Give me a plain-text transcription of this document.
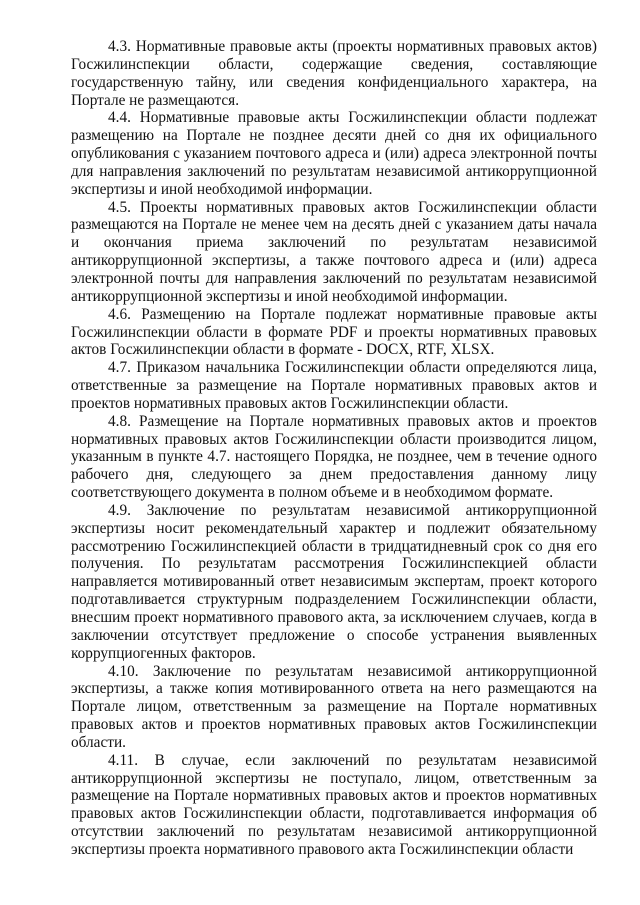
4.3. Нормативные правовые акты (проекты нормативных правовых актов) Госжилинспекции области, содержащие сведения, составляющие государственную тайну, или сведения конфиденциального характера, на Портале не размещаются.

4.4. Нормативные правовые акты Госжилинспекции области подлежат размещению на Портале не позднее десяти дней со дня их официального опубликования с указанием почтового адреса и (или) адреса электронной почты для направления заключений по результатам независимой антикоррупционной экспертизы и иной необходимой информации.

4.5. Проекты нормативных правовых актов Госжилинспекции области размещаются на Портале не менее чем на десять дней с указанием даты начала и окончания приема заключений по результатам независимой антикоррупционной экспертизы, а также почтового адреса и (или) адреса электронной почты для направления заключений по результатам независимой антикоррупционной экспертизы и иной необходимой информации.

4.6. Размещению на Портале подлежат нормативные правовые акты Госжилинспекции области в формате PDF и проекты нормативных правовых актов Госжилинспекции области в формате - DOCX, RTF, XLSX.

4.7. Приказом начальника Госжилинспекции области определяются лица, ответственные за размещение на Портале нормативных правовых актов и проектов нормативных правовых актов Госжилинспекции области.

4.8. Размещение на Портале нормативных правовых актов и проектов нормативных правовых актов Госжилинспекции области производится лицом, указанным в пункте 4.7. настоящего Порядка, не позднее, чем в течение одного рабочего дня, следующего за днем предоставления данному лицу соответствующего документа в полном объеме и в необходимом формате.

4.9. Заключение по результатам независимой антикоррупционной экспертизы носит рекомендательный характер и подлежит обязательному рассмотрению Госжилинспекцией области в тридцатидневный срок со дня его получения. По результатам рассмотрения Госжилинспекцией области направляется мотивированный ответ независимым экспертам, проект которого подготавливается структурным подразделением Госжилинспекции области, внесшим проект нормативного правового акта, за исключением случаев, когда в заключении отсутствует предложение о способе устранения выявленных коррупциогенных факторов.

4.10. Заключение по результатам независимой антикоррупционной экспертизы, а также копия мотивированного ответа на него размещаются на Портале лицом, ответственным за размещение на Портале нормативных правовых актов и проектов нормативных правовых актов Госжилинспекции области.

4.11. В случае, если заключений по результатам независимой антикоррупционной экспертизы не поступало, лицом, ответственным за размещение на Портале нормативных правовых актов и проектов нормативных правовых актов Госжилинспекции области, подготавливается информация об отсутствии заключений по результатам независимой антикоррупционной экспертизы проекта нормативного правового акта Госжилинспекции области
